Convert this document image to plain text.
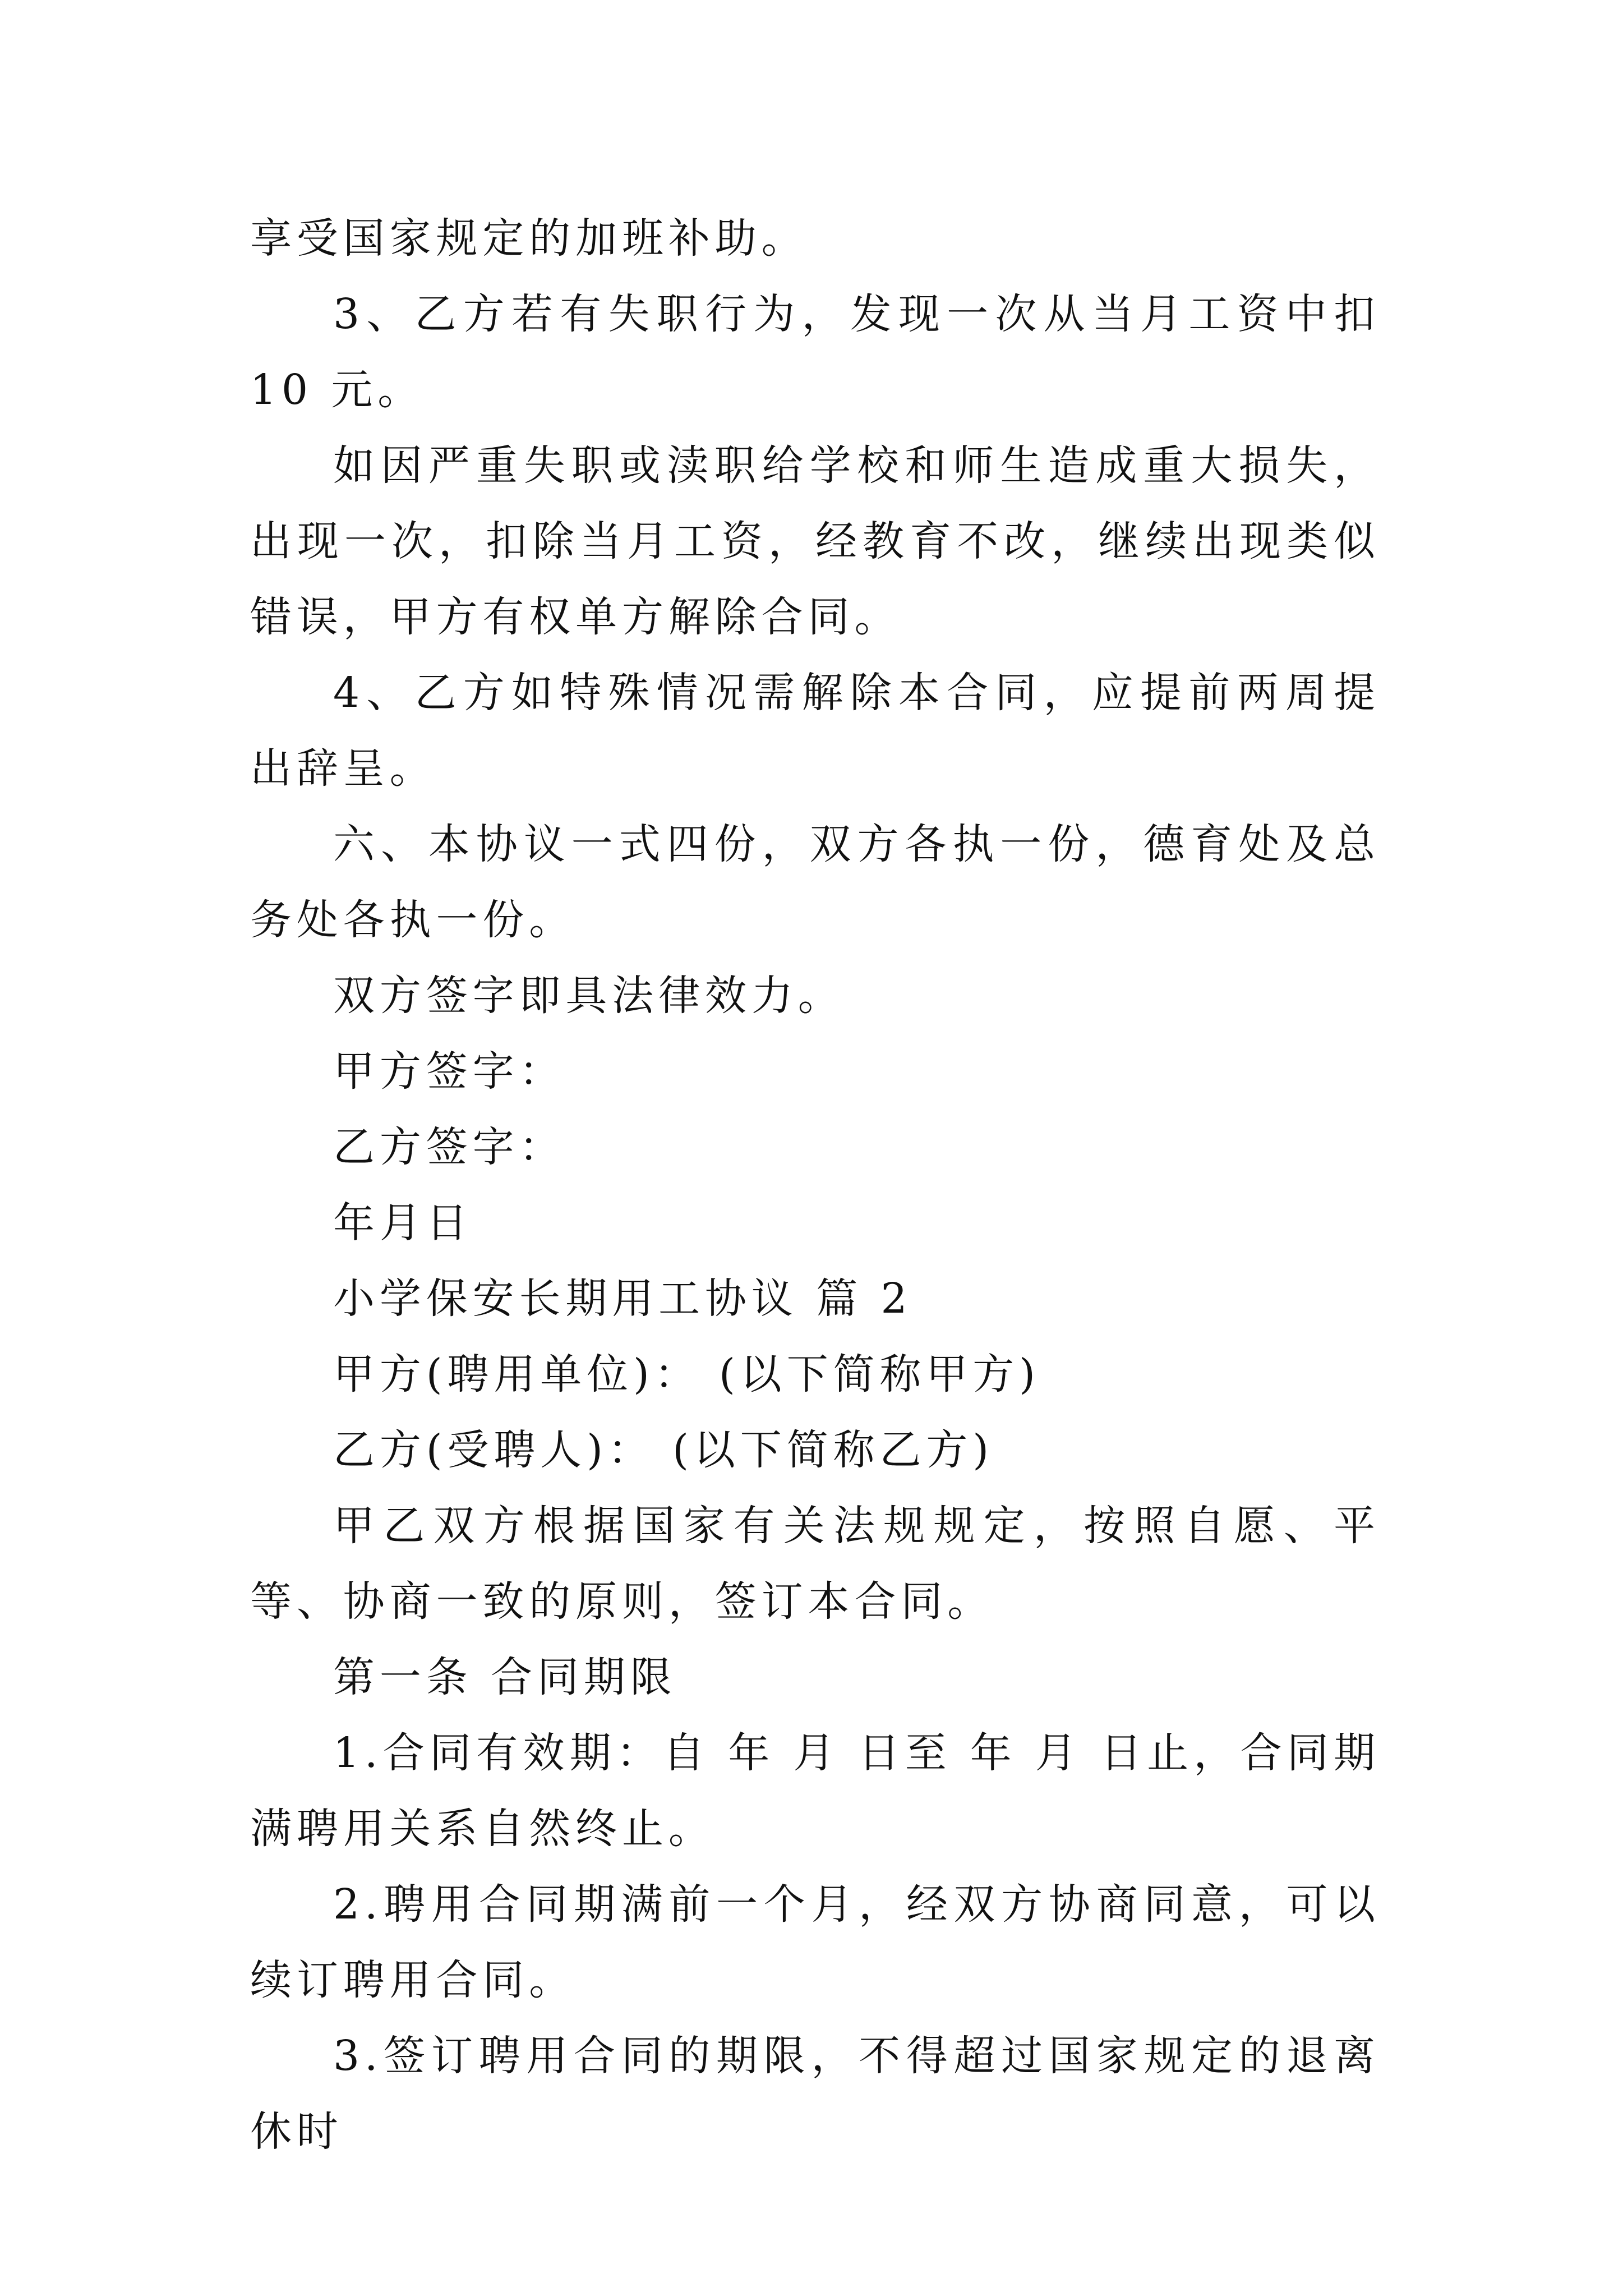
享受国家规定的加班补助。

3、乙方若有失职行为，发现一次从当月工资中扣 10 元。

如因严重失职或渎职给学校和师生造成重大损失，出现一次，扣除当月工资，经教育不改，继续出现类似错误，甲方有权单方解除合同。

4、乙方如特殊情况需解除本合同，应提前两周提出辞呈。

六、本协议一式四份，双方各执一份，德育处及总务处各执一份。

双方签字即具法律效力。

甲方签字：

乙方签字：

年月日

小学保安长期用工协议 篇 2

甲方(聘用单位)： (以下简称甲方)

乙方(受聘人)： (以下简称乙方)

甲乙双方根据国家有关法规规定，按照自愿、平等、协商一致的原则，签订本合同。

第一条 合同期限

1.合同有效期：自 年 月 日至 年 月 日止，合同期满聘用关系自然终止。

2.聘用合同期满前一个月，经双方协商同意，可以续订聘用合同。

3.签订聘用合同的期限，不得超过国家规定的退离休时
